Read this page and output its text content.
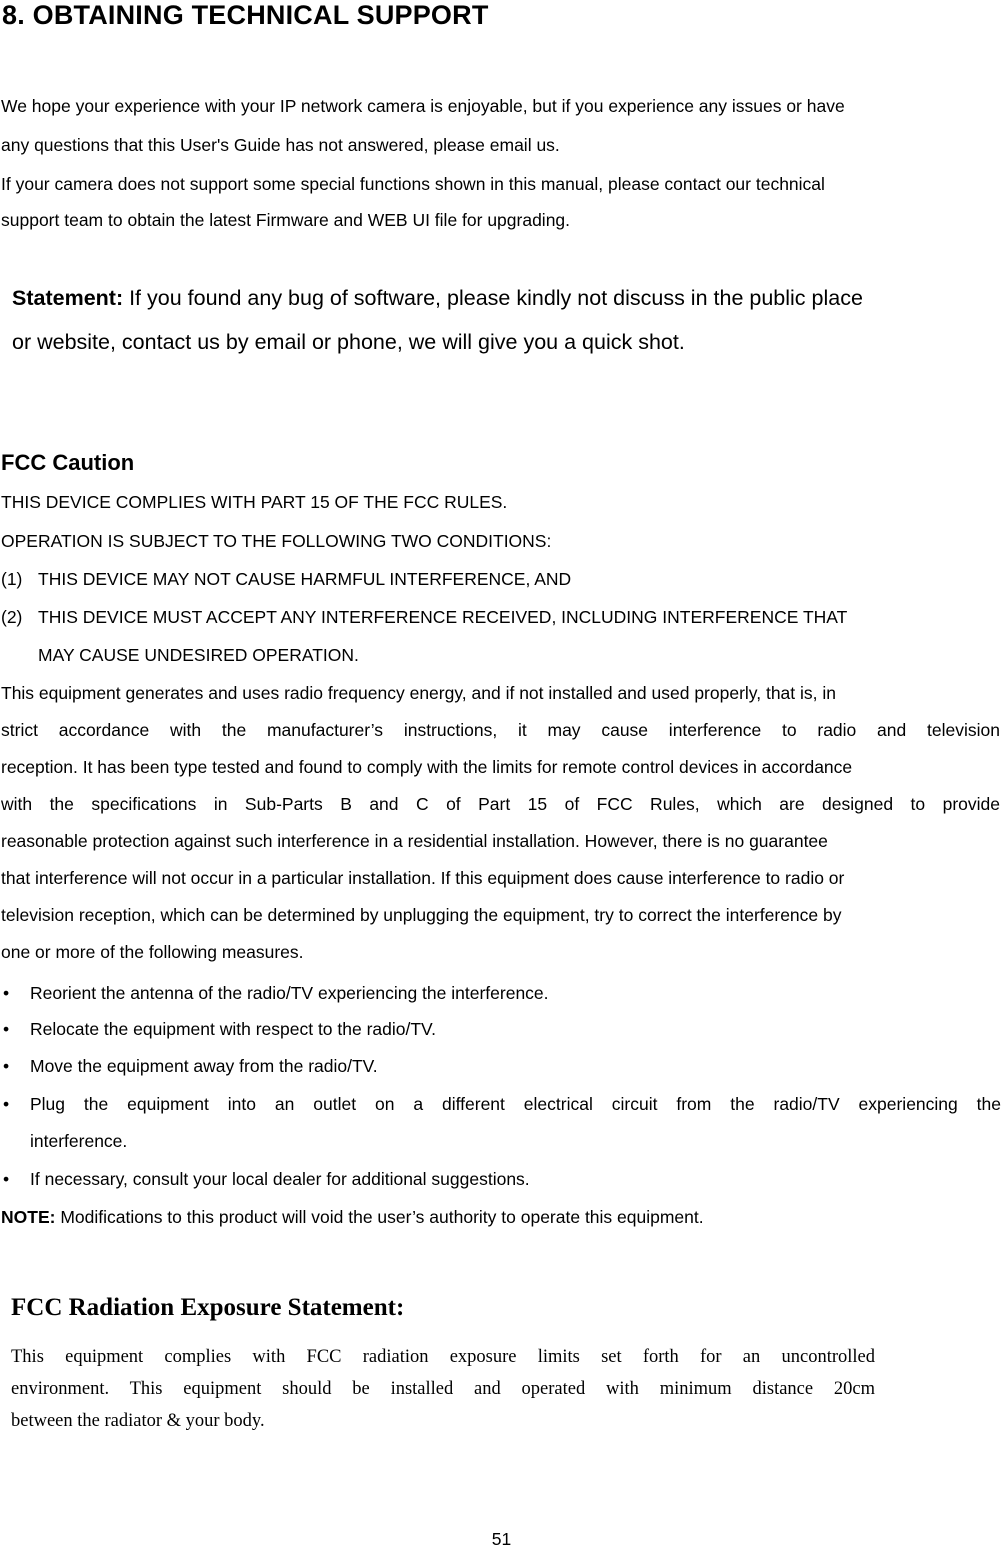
8. OBTAINING TECHNICAL SUPPORT
We hope your experience with your IP network camera is enjoyable, but if you experience any issues or have
any questions that this User's Guide has not answered, please email us.
If your camera does not support some special functions shown in this manual, please contact our technical
support team to obtain the latest Firmware and WEB UI file for upgrading.
Statement: If you found any bug of software, please kindly not discuss in the public place
or website, contact us by email or phone, we will give you a quick shot.
FCC Caution
THIS DEVICE COMPLIES WITH PART 15 OF THE FCC RULES.
OPERATION IS SUBJECT TO THE FOLLOWING TWO CONDITIONS:
(1) THIS DEVICE MAY NOT CAUSE HARMFUL INTERFERENCE, AND
(2) THIS DEVICE MUST ACCEPT ANY INTERFERENCE RECEIVED, INCLUDING INTERFERENCE THAT
MAY CAUSE UNDESIRED OPERATION.
This equipment generates and uses radio frequency energy, and if not installed and used properly, that is, in
strict accordance with the manufacturer’s instructions, it may cause interference to radio and television
reception. It has been type tested and found to comply with the limits for remote control devices in accordance
with the specifications in Sub-Parts B and C of Part 15 of FCC Rules, which are designed to provide
reasonable protection against such interference in a residential installation. However, there is no guarantee
that interference will not occur in a particular installation. If this equipment does cause interference to radio or
television reception, which can be determined by unplugging the equipment, try to correct the interference by
one or more of the following measures.
• Reorient the antenna of the radio/TV experiencing the interference.
• Relocate the equipment with respect to the radio/TV.
• Move the equipment away from the radio/TV.
• Plug the equipment into an outlet on a different electrical circuit from the radio/TV experiencing the
interference.
• If necessary, consult your local dealer for additional suggestions.
NOTE: Modifications to this product will void the user’s authority to operate this equipment.
FCC Radiation Exposure Statement:
This equipment complies with FCC radiation exposure limits set forth for an uncontrolled
environment. This equipment should be installed and operated with minimum distance 20cm
between the radiator & your body.
51
